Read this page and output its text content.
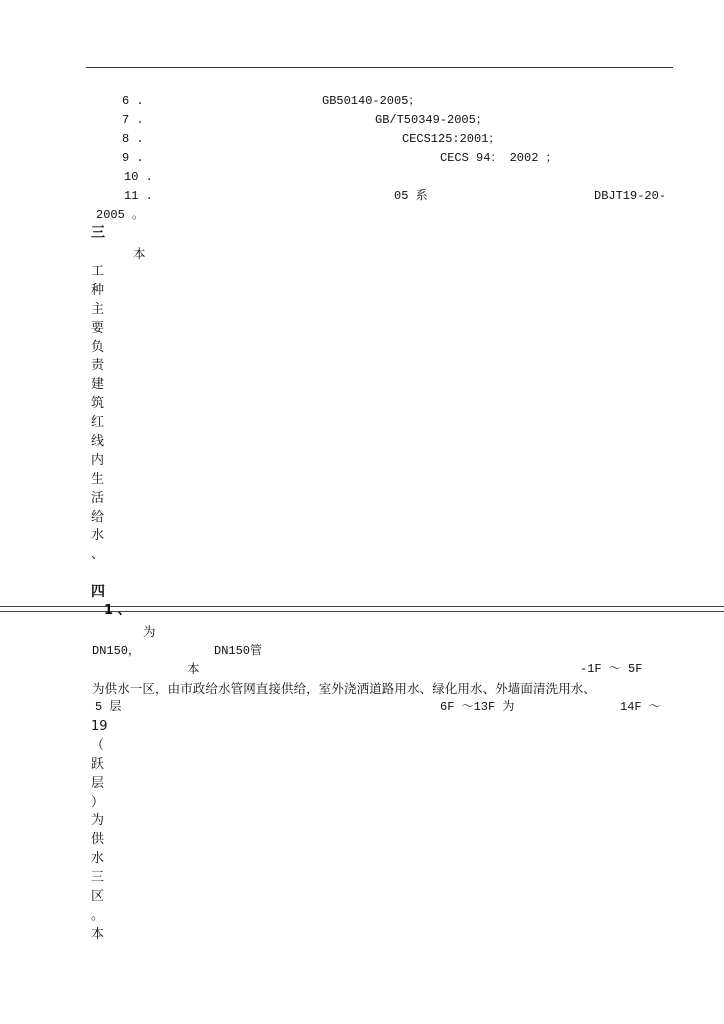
6 .	GB50140-2005；
7 .	GB/T50349-2005；
8 .	CECS125:2001；
9 .	CECS 94： 2002 ；
10 .
11 .	05 系	DBJT19-20-
2005 。
三
本
工
种
主
要
负
责
建
筑
红
线
内
生
活
给
水
、
四
1 、
为
DN150，	DN150管
本	-1F ～ 5F
为供水一区，由市政给水管网直接供给，室外浇洒道路用水、绿化用水、外墙面清洗用水、
5 层	6F ～13F 为	14F ～
19
（
跃
层
）
为
供
水
三
区
。
本
